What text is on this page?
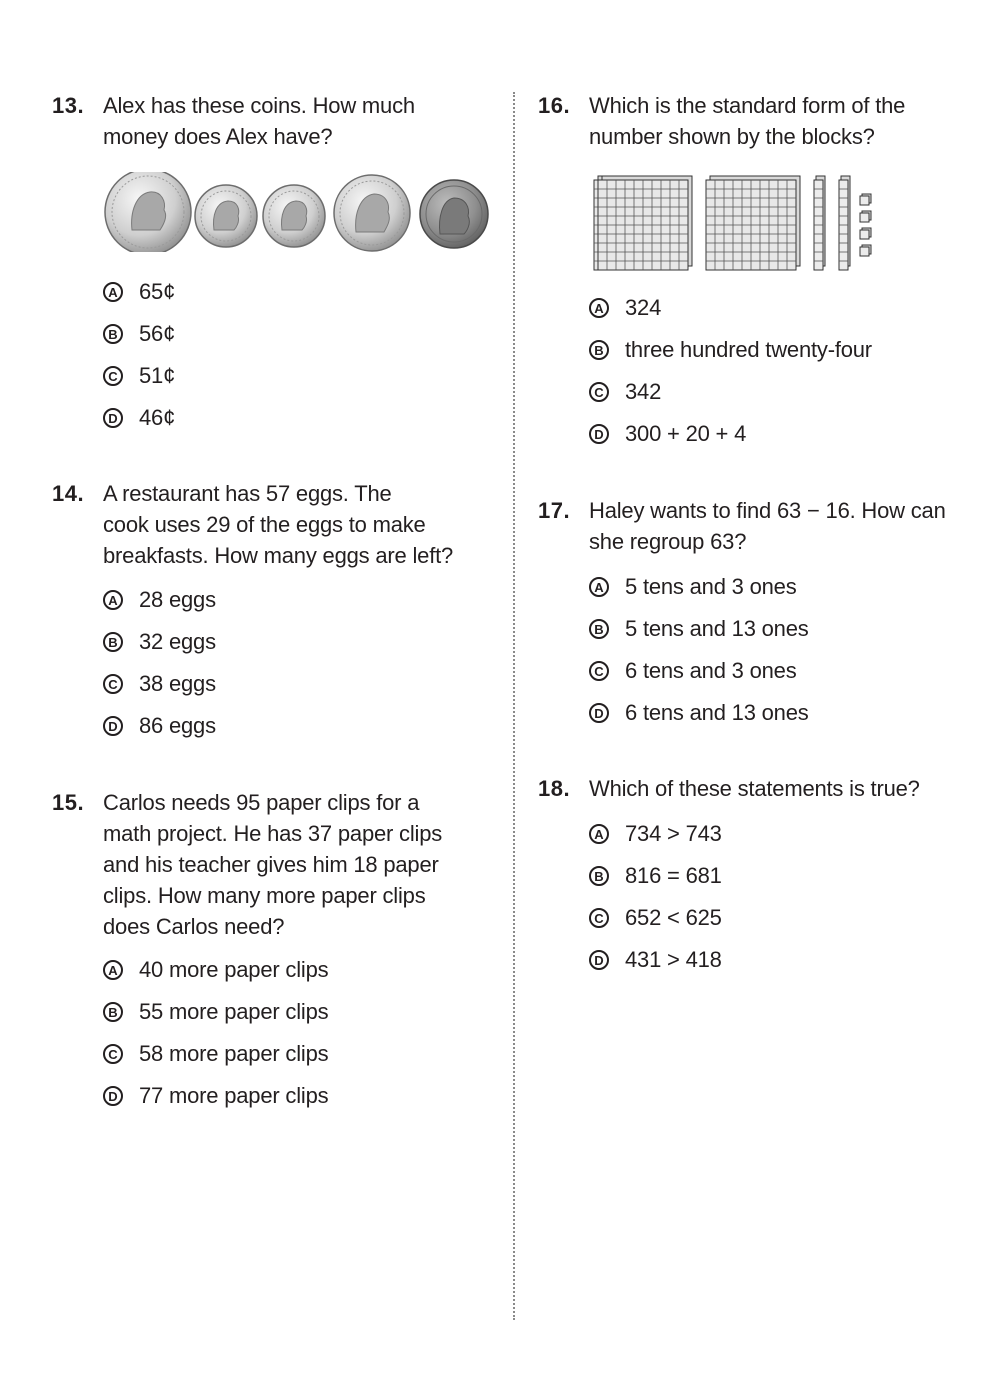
13. Alex has these coins. How much
money does Alex have?
A 65¢
B 56¢
C 51¢
D 46¢
14. A restaurant has 57 eggs. The
cook uses 29 of the eggs to make
breakfasts. How many eggs are left?
A 28 eggs
B 32 eggs
C 38 eggs
D 86 eggs
15. Carlos needs 95 paper clips for a
math project. He has 37 paper clips
and his teacher gives him 18 paper
clips. How many more paper clips
does Carlos need?
A 40 more paper clips
B 55 more paper clips
C 58 more paper clips
D 77 more paper clips
16. Which is the standard form of the
number shown by the blocks?
A 324
B three hundred twenty-four
C 342
D 300 + 20 + 4
17. Haley wants to find 63 − 16. How can
she regroup 63?
A 5 tens and 3 ones
B 5 tens and 13 ones
C 6 tens and 3 ones
D 6 tens and 13 ones
18. Which of these statements is true?
A 734 > 743
B 816 = 681
C 652 < 625
D 431 > 418
